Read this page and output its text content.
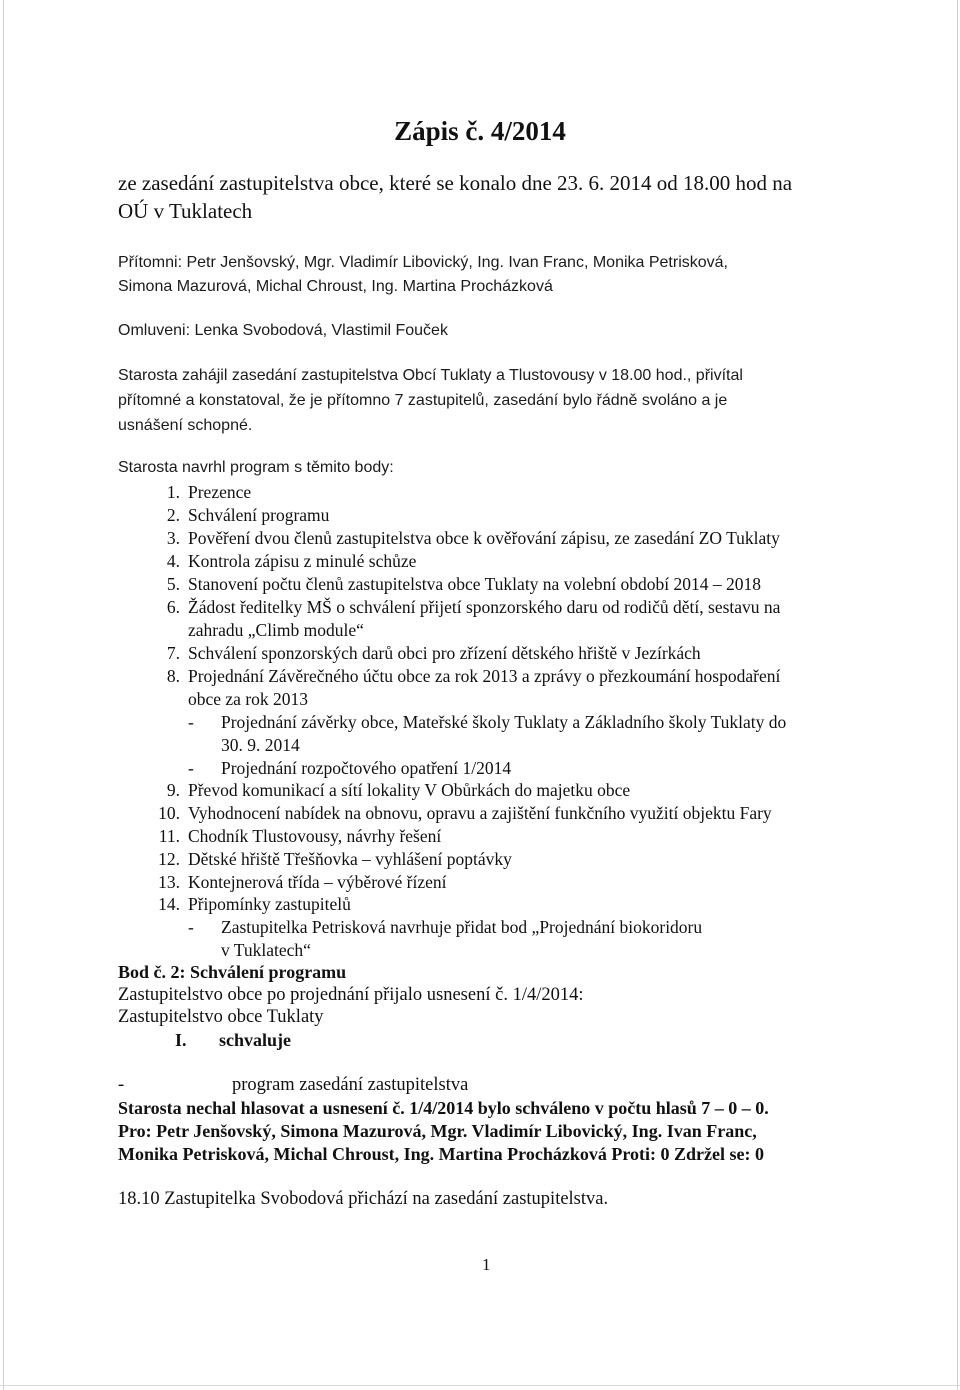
Zápis č. 4/2014
ze zasedání zastupitelstva obce, které se konalo dne 23. 6. 2014 od 18.00 hod na
OÚ v Tuklatech
Přítomni: Petr Jenšovský, Mgr. Vladimír Libovický, Ing. Ivan Franc, Monika Petrisková,
Simona Mazurová, Michal Chroust, Ing. Martina Procházková
Omluveni: Lenka Svobodová, Vlastimil Fouček
Starosta zahájil zasedání zastupitelstva Obcí Tuklaty a Tlustovousy v 18.00 hod., přivítal
přítomné a konstatoval, že je přítomno 7 zastupitelů, zasedání bylo řádně svoláno a je
usnášení schopné.
Starosta navrhl program s těmito body:
1. Prezence
2. Schválení programu
3. Pověření dvou členů zastupitelstva obce k ověřování zápisu, ze zasedání ZO Tuklaty
4. Kontrola zápisu z minulé schůze
5. Stanovení počtu členů zastupitelstva obce Tuklaty na volební období 2014 – 2018
6. Žádost ředitelky MŠ o schválení přijetí sponzorského daru od rodičů dětí, sestavu na
zahradu „Climb module“
7. Schválení sponzorských darů obci pro zřízení dětského hřiště v Jezírkách
8. Projednání Závěrečného účtu obce za rok 2013 a zprávy o přezkoumání hospodaření
obce za rok 2013
- Projednání závěrky obce, Mateřské školy Tuklaty a Základního školy Tuklaty do
30. 9. 2014
- Projednání rozpočtového opatření 1/2014
9. Převod komunikací a sítí lokality V Obůrkách do majetku obce
10. Vyhodnocení nabídek na obnovu, opravu a zajištění funkčního využití objektu Fary
11. Chodník Tlustovousy, návrhy řešení
12. Dětské hřiště Třešňovka – vyhlášení poptávky
13. Kontejnerová třída – výběrové řízení
14. Připomínky zastupitelů
- Zastupitelka Petrisková navrhuje přidat bod „Projednání biokoridoru
v Tuklatech“
Bod č. 2: Schválení programu
Zastupitelstvo obce po projednání přijalo usnesení č. 1/4/2014:
Zastupitelstvo obce Tuklaty
I. schvaluje
-	program zasedání zastupitelstva
Starosta nechal hlasovat a usnesení č. 1/4/2014 bylo schváleno v počtu hlasů 7 – 0 – 0.
Pro: Petr Jenšovský, Simona Mazurová, Mgr. Vladimír Libovický, Ing. Ivan Franc,
Monika Petrisková, Michal Chroust, Ing. Martina Procházková Proti: 0 Zdržel se: 0
18.10 Zastupitelka Svobodová přichází na zasedání zastupitelstva.
1
